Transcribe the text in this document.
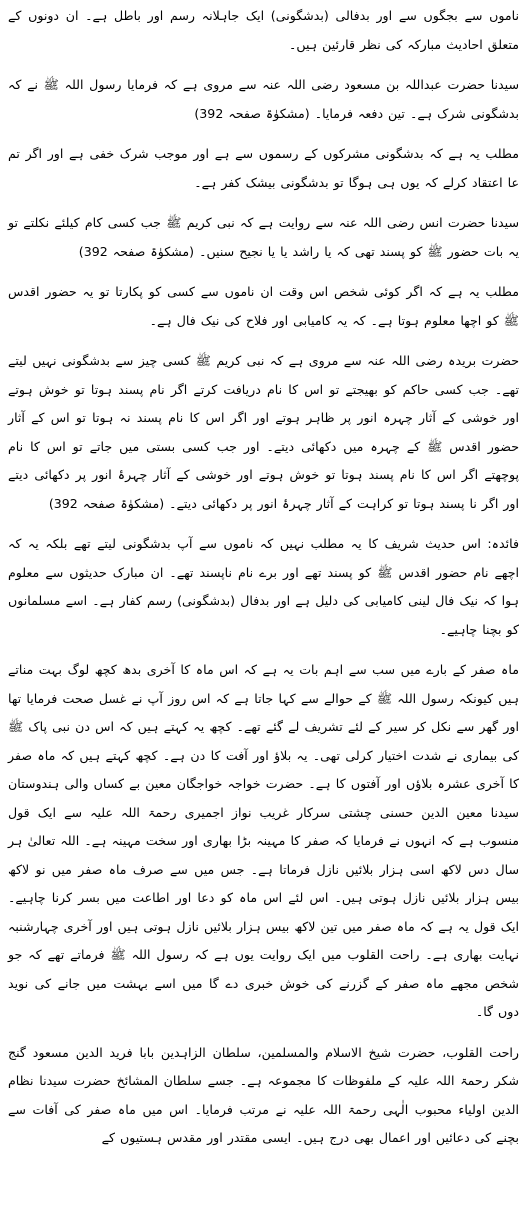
ناموں سے بجگوں سے اور بدفالی (بدشگونی) ایک جاہلانہ رسم اور باطل ہے۔ ان دونوں کے متعلق احادیث مبارکہ کی نظر قارئین ہیں۔

سیدنا حضرت عبداللہ بن مسعود رضی اللہ عنہ سے مروی ہے کہ فرمایا رسول اللہ ﷺ نے کہ بدشگونی شرک ہے۔ تین دفعہ فرمایا۔ (مشکوٰۃ صفحہ 392)

مطلب یہ ہے کہ بدشگونی مشرکوں کے رسموں سے ہے اور موجب شرک خفی ہے اور اگر تم عا اعتقاد کرلے کہ یوں ہی ہوگا تو بدشگونی بیشک کفر ہے۔

سیدنا حضرت انس رضی اللہ عنہ سے روایت ہے کہ نبی کریم ﷺ جب کسی کام کیلئے نکلتے تو یہ بات حضور ﷺ کو پسند تھی کہ یا راشد یا یا نجیح سنیں۔ (مشکوٰۃ صفحہ 392)

مطلب یہ ہے کہ اگر کوئی شخص اس وقت ان ناموں سے کسی کو پکارتا تو یہ حضور اقدس ﷺ کو اچھا معلوم ہوتا ہے۔ کہ یہ کامیابی اور فلاح کی نیک فال ہے۔

حضرت بریدہ رضی اللہ عنہ سے مروی ہے کہ نبی کریم ﷺ کسی چیز سے بدشگونی نہیں لیتے تھے۔ جب کسی حاکم کو بھیجتے تو اس کا نام دریافت کرتے اگر نام پسند ہوتا تو خوش ہوتے اور خوشی کے آثار چہرہ انور پر ظاہر ہوتے اور اگر اس کا نام پسند نہ ہوتا تو اس کے آثار حضور اقدس ﷺ کے چہرہ میں دکھائی دیتے۔ اور جب کسی بستی میں جاتے تو اس کا نام پوچھتے اگر اس کا نام پسند ہوتا تو خوش ہوتے اور خوشی کے آثار چہرۂ انور پر دکھائی دیتے اور اگر نا پسند ہوتا تو کراہت کے آثار چہرۂ انور پر دکھائی دیتے۔ (مشکوٰۃ صفحہ 392)

فائدہ: اس حدیث شریف کا یہ مطلب نہیں کہ ناموں سے آپ بدشگونی لیتے تھے بلکہ یہ کہ اچھے نام حضور اقدس ﷺ کو پسند تھے اور برے نام ناپسند تھے۔ ان مبارک حدیثوں سے معلوم ہوا کہ نیک فال لینی کامیابی کی دلیل ہے اور بدفال (بدشگونی) رسم کفار ہے۔ اسے مسلمانوں کو بچنا چاہیے۔

ماہ صفر کے بارے میں سب سے اہم بات یہ ہے کہ اس ماہ کا آخری بدھ کچھ لوگ بہت مناتے ہیں کیونکہ رسول اللہ ﷺ کے حوالے سے کہا جاتا ہے کہ اس روز آپ نے غسل صحت فرمایا تھا اور گھر سے نکل کر سیر کے لئے تشریف لے گئے تھے۔ کچھ یہ کہتے ہیں کہ اس دن نبی پاک ﷺ کی بیماری نے شدت اختیار کرلی تھی۔ یہ بلاؤ اور آفت کا دن ہے۔ کچھ کہتے ہیں کہ ماہ صفر کا آخری عشرہ بلاؤں اور آفتوں کا ہے۔ حضرت خواجہ خواجگان معین بے کساں والی ہندوستان سیدنا معین الدین حسنی چشتی سرکار غریب نواز اجمیری رحمۃ اللہ علیہ سے ایک قول منسوب ہے کہ انہوں نے فرمایا کہ صفر کا مہینہ بڑا بھاری اور سخت مہینہ ہے۔ اللہ تعالیٰ ہر سال دس لاکھ اسی ہزار بلائیں نازل فرماتا ہے۔ جس میں سے صرف ماہ صفر میں نو لاکھ بیس ہزار بلائیں نازل ہوتی ہیں۔ اس لئے اس ماہ کو دعا اور اطاعت میں بسر کرنا چاہیے۔ ایک قول یہ ہے کہ ماہ صفر میں تین لاکھ بیس ہزار بلائیں نازل ہوتی ہیں اور آخری چہارشنبہ نہایت بھاری ہے۔ راحت القلوب میں ایک روایت یوں ہے کہ رسول اللہ ﷺ فرماتے تھے کہ جو شخص مجھے ماہ صفر کے گزرنے کی خوش خبری دے گا میں اسے بہشت میں جانے کی نوید دوں گا۔

راحت القلوب، حضرت شیخ الاسلام والمسلمین، سلطان الزاہدین بابا فرید الدین مسعود گنج شکر رحمۃ اللہ علیہ کے ملفوظات کا مجموعہ ہے۔ جسے سلطان المشائخ حضرت سیدنا نظام الدین اولیاء محبوب الٰہی رحمۃ اللہ علیہ نے مرتب فرمایا۔ اس میں ماہ صفر کی آفات سے بچنے کی دعائیں اور اعمال بھی درج ہیں۔ ایسی مقتدر اور مقدس ہستیوں کے
